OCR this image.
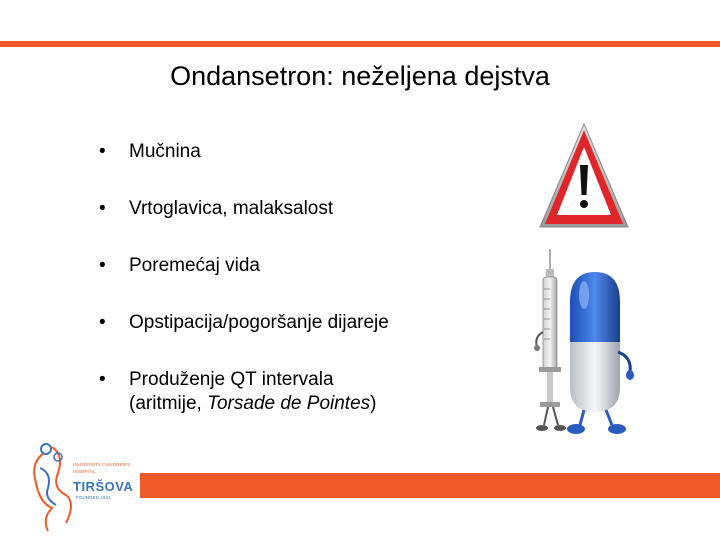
Ondansetron: neželjena dejstva
•	Mučnina
•	Vrtoglavica, malaksalost
•	Poremećaj vida
•	Opstipacija/pogoršanje dijareje
•	Produženje QT intervala
(aritmije, Torsade de Pointes)
UNIVERSITY CHILDREN'S
HOSPITAL
TIRŠOVA
FOUNDED 1924
